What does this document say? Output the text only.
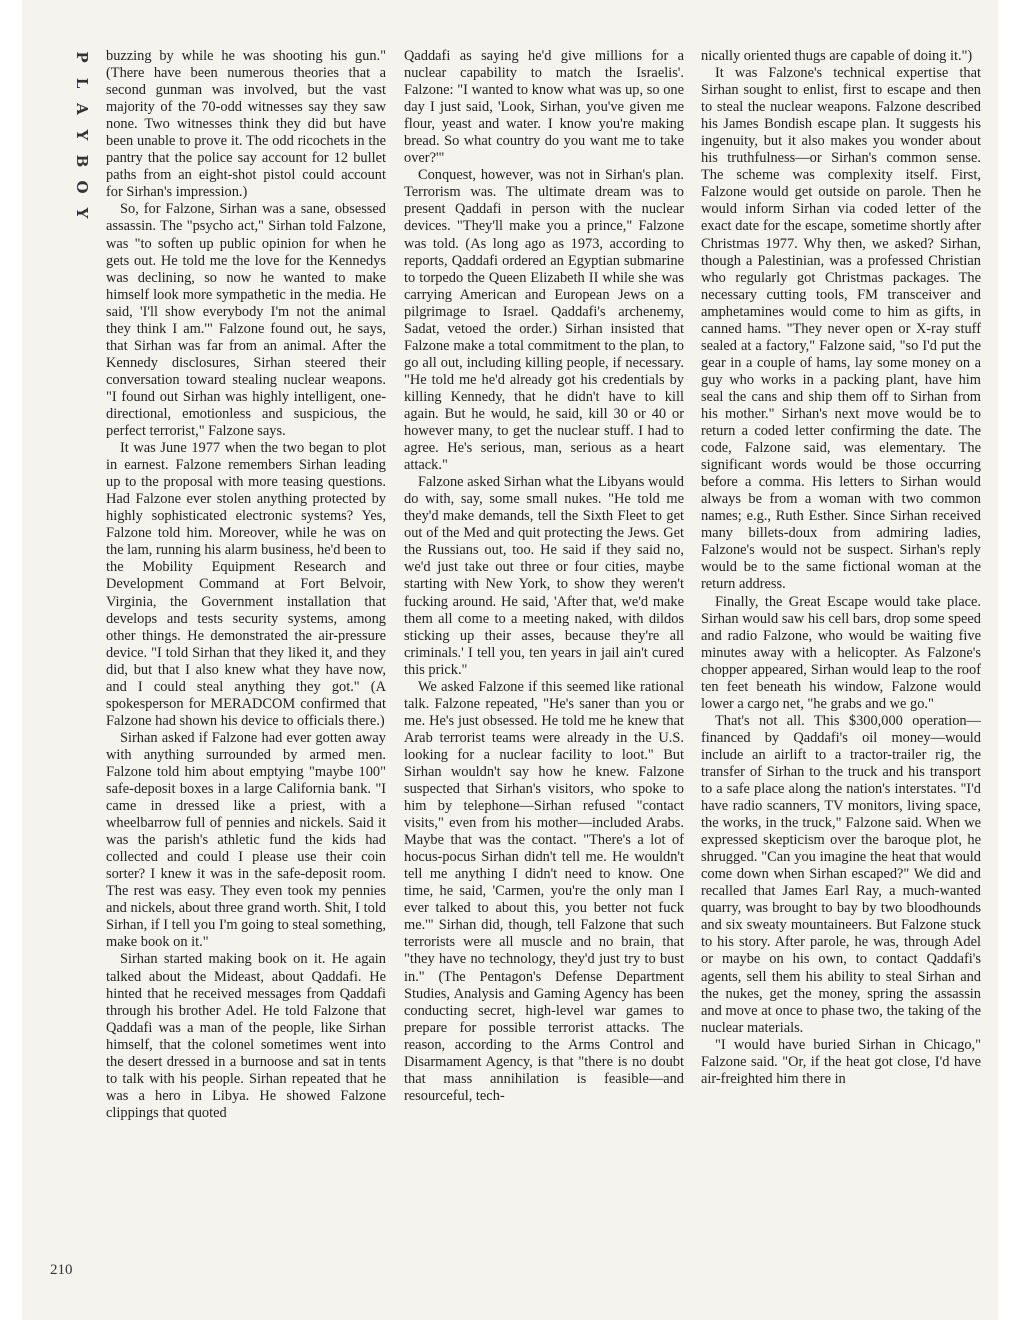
P
L
A
Y
B
O
Y

buzzing by while he was shooting his gun." (There have been numerous theories that a second gunman was involved, but the vast majority of the 70-odd witnesses say they saw none. Two witnesses think they did but have been unable to prove it. The odd ricochets in the pantry that the police say account for 12 bullet paths from an eight-shot pistol could account for Sirhan's impression.)

So, for Falzone, Sirhan was a sane, obsessed assassin. The "psycho act," Sirhan told Falzone, was "to soften up public opinion for when he gets out. He told me the love for the Kennedys was declining, so now he wanted to make himself look more sympathetic in the media. He said, 'I'll show everybody I'm not the animal they think I am.'" Falzone found out, he says, that Sirhan was far from an animal. After the Kennedy disclosures, Sirhan steered their conversation toward stealing nuclear weapons. "I found out Sirhan was highly intelligent, one-directional, emotionless and suspicious, the perfect terrorist," Falzone says.

It was June 1977 when the two began to plot in earnest. Falzone remembers Sirhan leading up to the proposal with more teasing questions. Had Falzone ever stolen anything protected by highly sophisticated electronic systems? Yes, Falzone told him. Moreover, while he was on the lam, running his alarm business, he'd been to the Mobility Equipment Research and Development Command at Fort Belvoir, Virginia, the Government installation that develops and tests security systems, among other things. He demonstrated the air-pressure device. "I told Sirhan that they liked it, and they did, but that I also knew what they have now, and I could steal anything they got." (A spokesperson for MERADCOM confirmed that Falzone had shown his device to officials there.)

Sirhan asked if Falzone had ever gotten away with anything surrounded by armed men. Falzone told him about emptying "maybe 100" safe-deposit boxes in a large California bank. "I came in dressed like a priest, with a wheelbarrow full of pennies and nickels. Said it was the parish's athletic fund the kids had collected and could I please use their coin sorter? I knew it was in the safe-deposit room. The rest was easy. They even took my pennies and nickels, about three grand worth. Shit, I told Sirhan, if I tell you I'm going to steal something, make book on it."

Sirhan started making book on it. He again talked about the Mideast, about Qaddafi. He hinted that he received messages from Qaddafi through his brother Adel. He told Falzone that Qaddafi was a man of the people, like Sirhan himself, that the colonel sometimes went into the desert dressed in a burnoose and sat in tents to talk with his people. Sirhan repeated that he was a hero in Libya. He showed Falzone clippings that quoted

Qaddafi as saying he'd give millions for a nuclear capability to match the Israelis'. Falzone: "I wanted to know what was up, so one day I just said, 'Look, Sirhan, you've given me flour, yeast and water. I know you're making bread. So what country do you want me to take over?'"

Conquest, however, was not in Sirhan's plan. Terrorism was. The ultimate dream was to present Qaddafi in person with the nuclear devices. "They'll make you a prince," Falzone was told. (As long ago as 1973, according to reports, Qaddafi ordered an Egyptian submarine to torpedo the Queen Elizabeth II while she was carrying American and European Jews on a pilgrimage to Israel. Qaddafi's archenemy, Sadat, vetoed the order.) Sirhan insisted that Falzone make a total commitment to the plan, to go all out, including killing people, if necessary. "He told me he'd already got his credentials by killing Kennedy, that he didn't have to kill again. But he would, he said, kill 30 or 40 or however many, to get the nuclear stuff. I had to agree. He's serious, man, serious as a heart attack."

Falzone asked Sirhan what the Libyans would do with, say, some small nukes. "He told me they'd make demands, tell the Sixth Fleet to get out of the Med and quit protecting the Jews. Get the Russians out, too. He said if they said no, we'd just take out three or four cities, maybe starting with New York, to show they weren't fucking around. He said, 'After that, we'd make them all come to a meeting naked, with dildos sticking up their asses, because they're all criminals.' I tell you, ten years in jail ain't cured this prick."

We asked Falzone if this seemed like rational talk. Falzone repeated, "He's saner than you or me. He's just obsessed. He told me he knew that Arab terrorist teams were already in the U.S. looking for a nuclear facility to loot." But Sirhan wouldn't say how he knew. Falzone suspected that Sirhan's visitors, who spoke to him by telephone—Sirhan refused "contact visits," even from his mother—included Arabs. Maybe that was the contact. "There's a lot of hocus-pocus Sirhan didn't tell me. He wouldn't tell me anything I didn't need to know. One time, he said, 'Carmen, you're the only man I ever talked to about this, you better not fuck me.'" Sirhan did, though, tell Falzone that such terrorists were all muscle and no brain, that "they have no technology, they'd just try to bust in." (The Pentagon's Defense Department Studies, Analysis and Gaming Agency has been conducting secret, high-level war games to prepare for possible terrorist attacks. The reason, according to the Arms Control and Disarmament Agency, is that "there is no doubt that mass annihilation is feasible—and resourceful, tech-

nically oriented thugs are capable of doing it.")

It was Falzone's technical expertise that Sirhan sought to enlist, first to escape and then to steal the nuclear weapons. Falzone described his James Bondish escape plan. It suggests his ingenuity, but it also makes you wonder about his truthfulness—or Sirhan's common sense. The scheme was complexity itself. First, Falzone would get outside on parole. Then he would inform Sirhan via coded letter of the exact date for the escape, sometime shortly after Christmas 1977. Why then, we asked? Sirhan, though a Palestinian, was a professed Christian who regularly got Christmas packages. The necessary cutting tools, FM transceiver and amphetamines would come to him as gifts, in canned hams. "They never open or X-ray stuff sealed at a factory," Falzone said, "so I'd put the gear in a couple of hams, lay some money on a guy who works in a packing plant, have him seal the cans and ship them off to Sirhan from his mother." Sirhan's next move would be to return a coded letter confirming the date. The code, Falzone said, was elementary. The significant words would be those occurring before a comma. His letters to Sirhan would always be from a woman with two common names; e.g., Ruth Esther. Since Sirhan received many billets-doux from admiring ladies, Falzone's would not be suspect. Sirhan's reply would be to the same fictional woman at the return address.

Finally, the Great Escape would take place. Sirhan would saw his cell bars, drop some speed and radio Falzone, who would be waiting five minutes away with a helicopter. As Falzone's chopper appeared, Sirhan would leap to the roof ten feet beneath his window, Falzone would lower a cargo net, "he grabs and we go."

That's not all. This $300,000 operation—financed by Qaddafi's oil money—would include an airlift to a tractor-trailer rig, the transfer of Sirhan to the truck and his transport to a safe place along the nation's interstates. "I'd have radio scanners, TV monitors, living space, the works, in the truck," Falzone said. When we expressed skepticism over the baroque plot, he shrugged. "Can you imagine the heat that would come down when Sirhan escaped?" We did and recalled that James Earl Ray, a much-wanted quarry, was brought to bay by two bloodhounds and six sweaty mountaineers. But Falzone stuck to his story. After parole, he was, through Adel or maybe on his own, to contact Qaddafi's agents, sell them his ability to steal Sirhan and the nukes, get the money, spring the assassin and move at once to phase two, the taking of the nuclear materials.

"I would have buried Sirhan in Chicago," Falzone said. "Or, if the heat got close, I'd have air-freighted him there in

210
